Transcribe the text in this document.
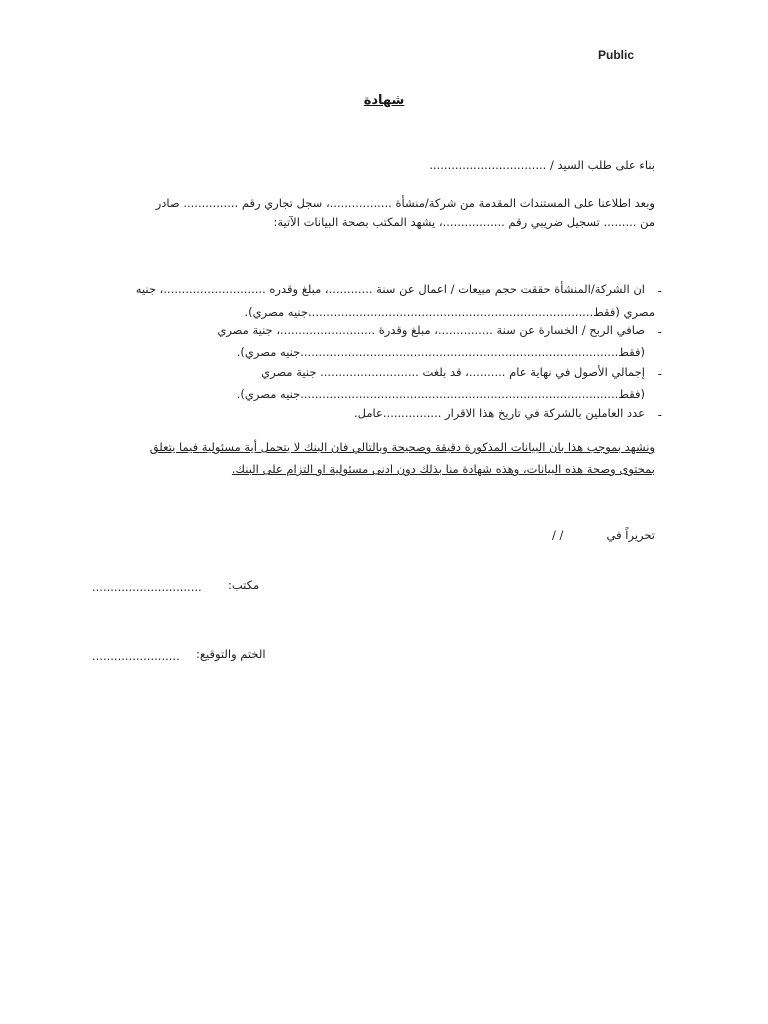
Public
شهادة
بناء على طلب السيد / ................................
وبعد اطلاعنا على المستندات المقدمة من شركة/منشأة .................، سجل تجاري رقم ............... صادر
من ......... تسجيل ضريبي رقم .................، يشهد المكتب بصحة البيانات الآتية:
-
ان الشركة/المنشأة حققت حجم مبيعات / اعمال عن سنة ............، مبلغ وقدره ............................، جنيه
مصري (فقط..............................................................................جنيه مصري).
-
صافي الربح / الخسارة عن سنة ...............، مبلغ وقدرة ..........................، جنية مصري
(فقط.......................................................................................جنيه مصري).
-
إجمالي الأصول في نهاية عام ..........، قد بلغت ........................... جنية مصري
(فقط.......................................................................................جنيه مصري).
-
عدد العاملين بالشركة في تاريخ هذا الاقرار ................عامل.
ونشهد بموجب هذا بان البيانات المذكورة دقيقة وصحيحة وبالتالي فان البنك لا يتحمل أية مسئولية فيما يتعلق
بمحتوى وصحة هذه البيانات، وهذه شهادة منا بذلك دون ادنى مسئولية او التزام على البنك.
تحريراً في
/ /
مكتب:
..............................
الختم والتوقيع:
........................
